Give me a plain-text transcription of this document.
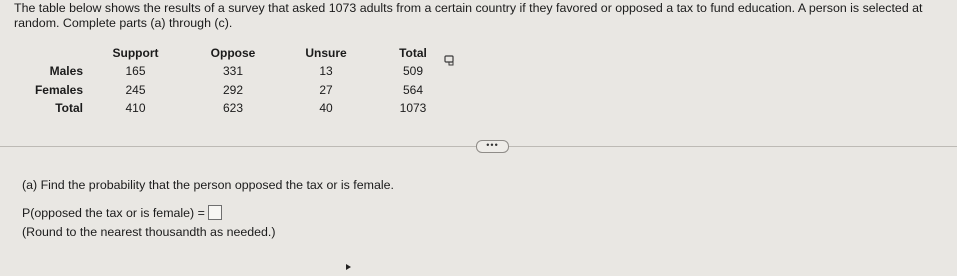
The table below shows the results of a survey that asked 1073 adults from a certain country if they favored or opposed a tax to fund education. A person is selected at
random. Complete parts (a) through (c).
	Support	Oppose	Unsure	Total
Males	165	331	13	509
Females	245	292	27	564
Total	410	623	40	1073
•••
(a) Find the probability that the person opposed the tax or is female.
P(opposed the tax or is female) =
(Round to the nearest thousandth as needed.)
